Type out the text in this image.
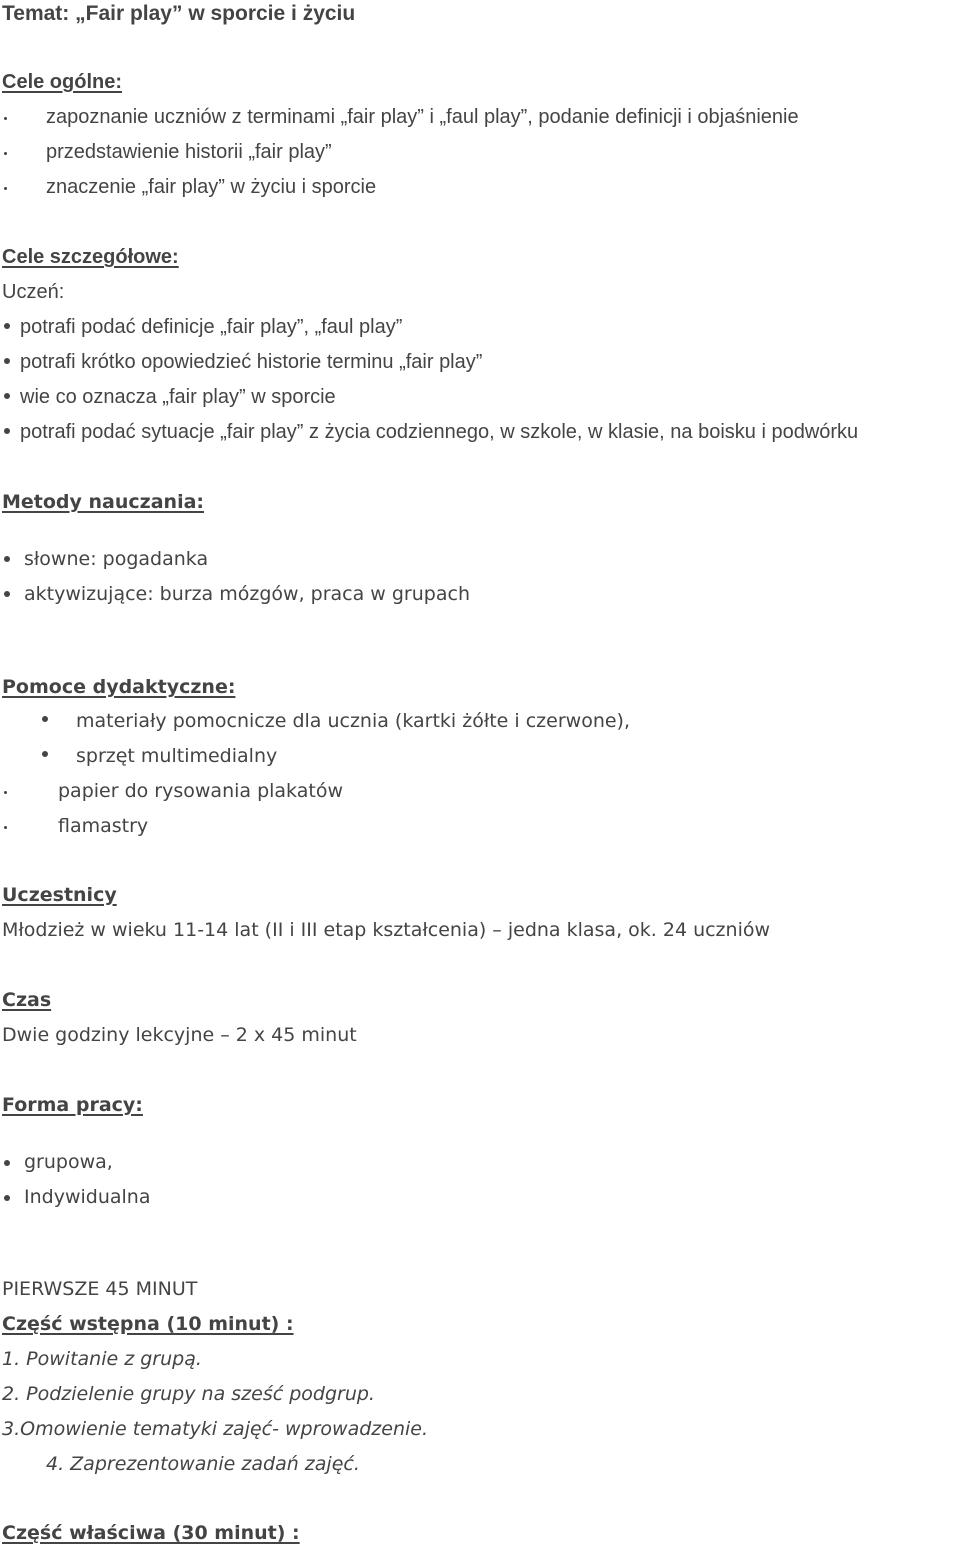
Temat: „Fair play” w sporcie i życiu
Cele ogólne:
zapoznanie uczniów z terminami „fair play” i „faul play”, podanie definicji i objaśnienie
przedstawienie historii „fair play”
znaczenie „fair play” w życiu i sporcie
Cele szczegółowe:
Uczeń:
potrafi podać definicje „fair play”, „faul play”
potrafi krótko opowiedzieć historie terminu „fair play”
wie co oznacza „fair play” w sporcie
potrafi podać sytuacje „fair play” z życia codziennego, w szkole, w klasie, na boisku i podwórku
Metody nauczania:
słowne: pogadanka
aktywizujące: burza mózgów, praca w grupach
Pomoce dydaktyczne:
materiały pomocnicze dla ucznia (kartki żółte i czerwone),
sprzęt multimedialny
papier do rysowania plakatów
flamastry
Uczestnicy
Młodzież w wieku 11-14 lat (II i III etap kształcenia) – jedna klasa, ok. 24 uczniów
Czas
Dwie godziny lekcyjne – 2 x 45 minut
Forma pracy:
grupowa,
Indywidualna
PIERWSZE 45 MINUT
Część wstępna (10 minut) :
1. Powitanie z grupą.
2. Podzielenie grupy na sześć podgrup.
3.Omowienie tematyki zajęć- wprowadzenie.
4. Zaprezentowanie zadań zajęć.
Część właściwa (30 minut) :
